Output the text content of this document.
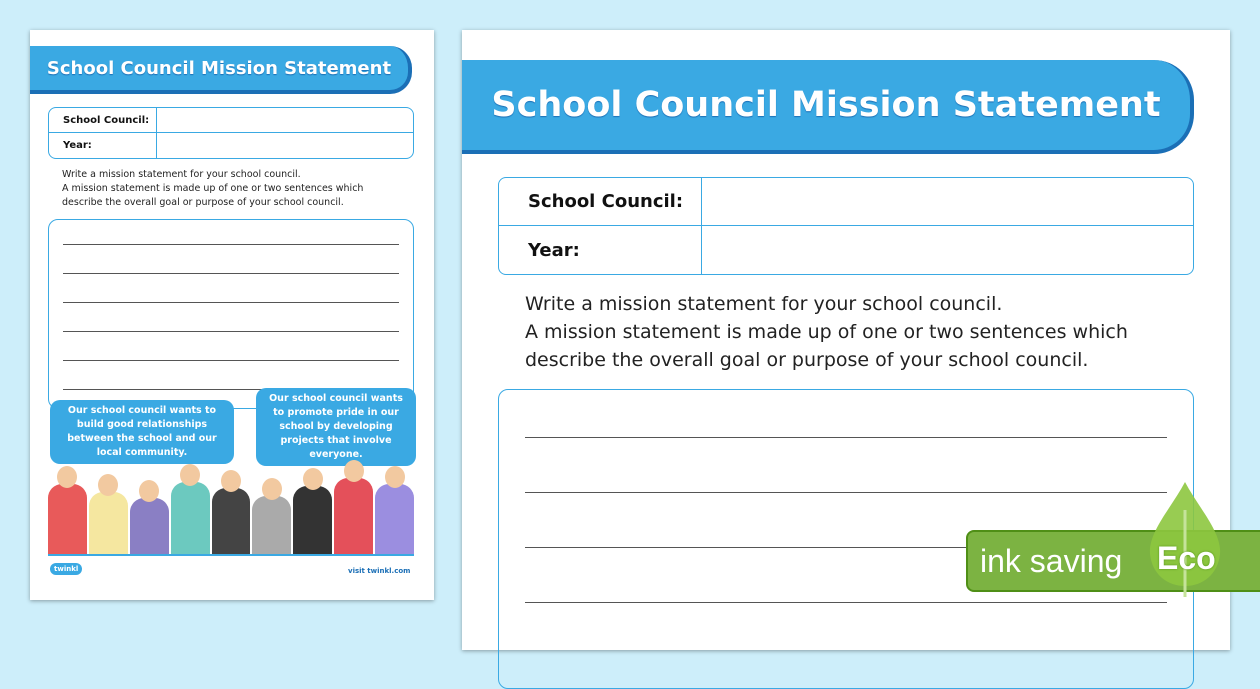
School Council Mission Statement
School Council:
Year:
Write a mission statement for your school council.
A mission statement is made up of one or two sentences which
describe the overall goal or purpose of your school council.
Our school council wants to build good relationships between the school and our local community.
Our school council wants to promote pride in our school by developing projects that involve everyone.
twinkl	visit twinkl.com
School Council Mission Statement
School Council:
Year:
Write a mission statement for your school council.
A mission statement is made up of one or two sentences which
describe the overall goal or purpose of your school council.
ink saving Eco
